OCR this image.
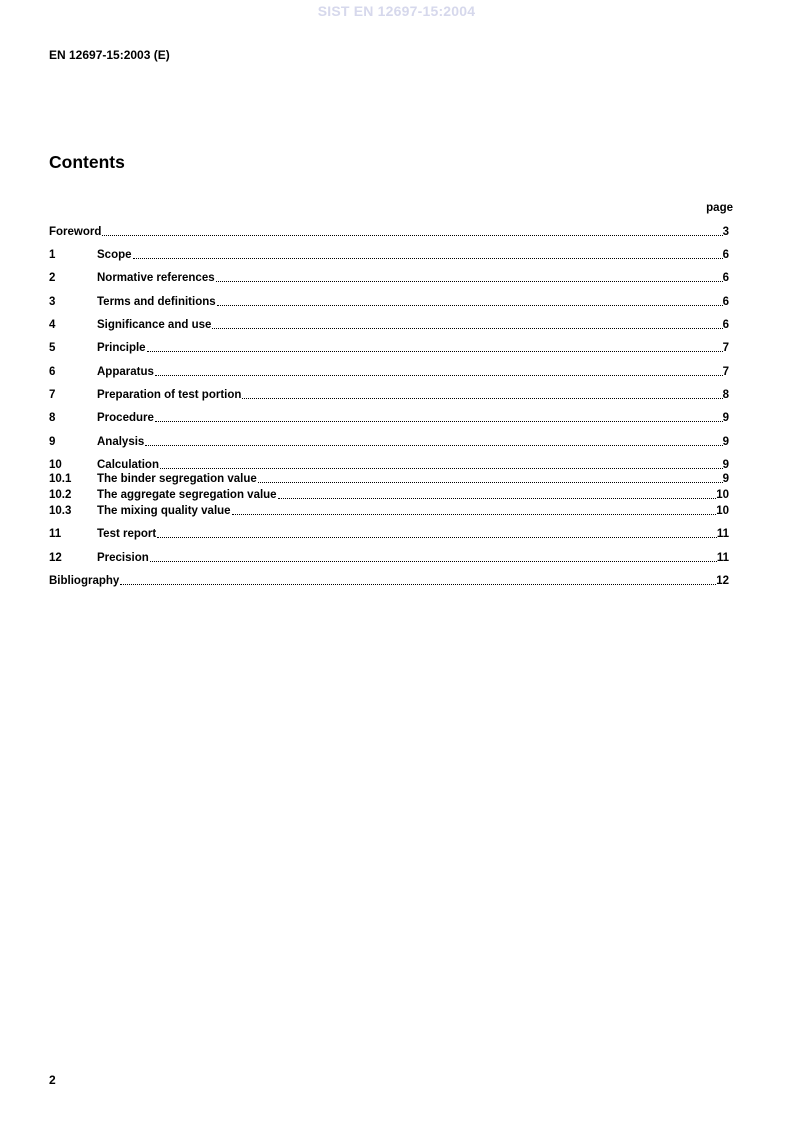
SIST EN 12697-15:2004
EN 12697-15:2003 (E)
Contents
page
Foreword	3
1	Scope	6
2	Normative references	6
3	Terms and definitions	6
4	Significance and use	6
5	Principle	7
6	Apparatus	7
7	Preparation of test portion	8
8	Procedure	9
9	Analysis	9
10	Calculation	9
10.1	The binder segregation value	9
10.2	The aggregate segregation value	10
10.3	The mixing quality value	10
11	Test report	11
12	Precision	11
Bibliography	12
2
